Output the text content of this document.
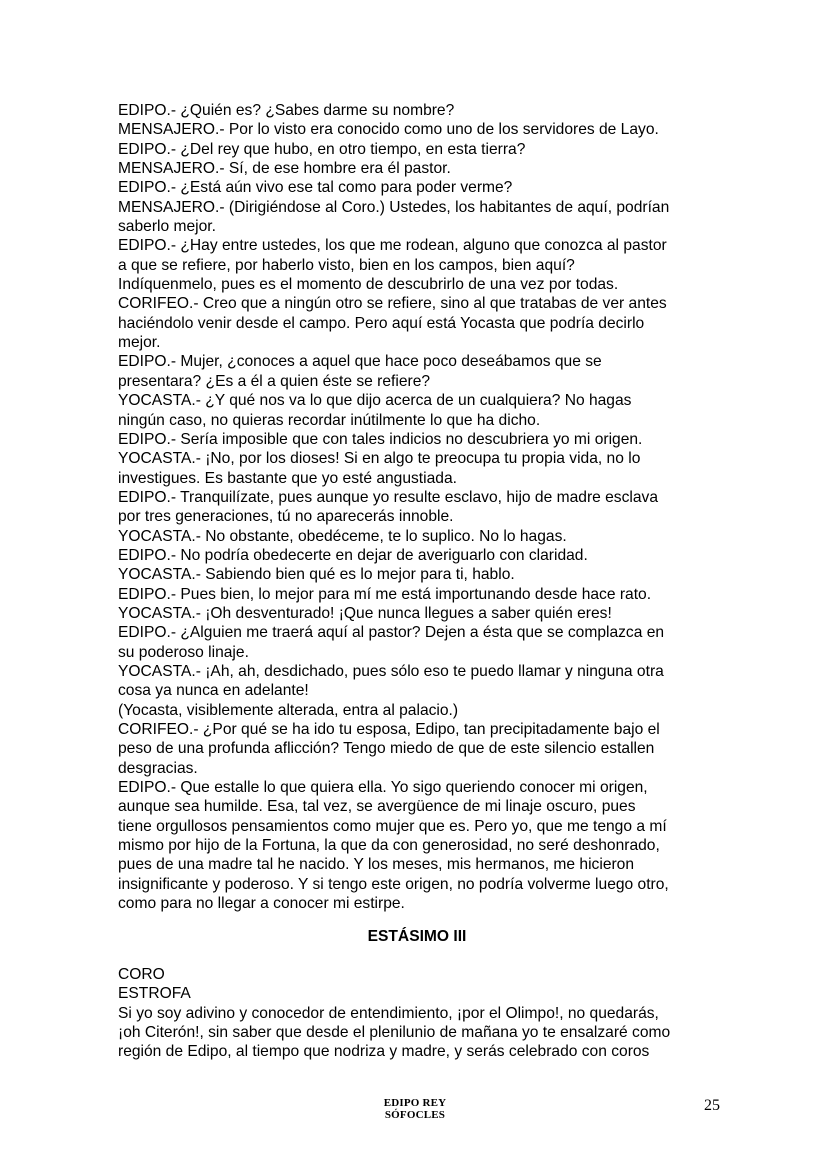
EDIPO.- ¿Quién es? ¿Sabes darme su nombre?

MENSAJERO.- Por lo visto era conocido como uno de los servidores de Layo.

EDIPO.- ¿Del rey que hubo, en otro tiempo, en esta tierra?

MENSAJERO.- Sí, de ese hombre era él pastor.

EDIPO.- ¿Está aún vivo ese tal como para poder verme?

MENSAJERO.- (Dirigiéndose al Coro.) Ustedes, los habitantes de aquí, podrían

saberlo mejor.

EDIPO.- ¿Hay entre ustedes, los que me rodean, alguno que conozca al pastor

a que se refiere, por haberlo visto, bien en los campos, bien aquí?

Indíquenmelo, pues es el momento de descubrirlo de una vez por todas.

CORIFEO.- Creo que a ningún otro se refiere, sino al que tratabas de ver antes

haciéndolo venir desde el campo. Pero aquí está Yocasta que podría decirlo

mejor.

EDIPO.- Mujer, ¿conoces a aquel que hace poco deseábamos que se

presentara? ¿Es a él a quien éste se refiere?

YOCASTA.- ¿Y qué nos va lo que dijo acerca de un cualquiera? No hagas

ningún caso, no quieras recordar inútilmente lo que ha dicho.

EDIPO.- Sería imposible que con tales indicios no descubriera yo mi origen.

YOCASTA.- ¡No, por los dioses! Si en algo te preocupa tu propia vida, no lo

investigues. Es bastante que yo esté angustiada.

EDIPO.- Tranquilízate, pues aunque yo resulte esclavo, hijo de madre esclava

por tres generaciones, tú no aparecerás innoble.

YOCASTA.- No obstante, obedéceme, te lo suplico. No lo hagas.

EDIPO.- No podría obedecerte en dejar de averiguarlo con claridad.

YOCASTA.- Sabiendo bien qué es lo mejor para ti, hablo.

EDIPO.- Pues bien, lo mejor para mí me está importunando desde hace rato.

YOCASTA.- ¡Oh desventurado! ¡Que nunca llegues a saber quién eres!

EDIPO.- ¿Alguien me traerá aquí al pastor? Dejen a ésta que se complazca en

su poderoso linaje.

YOCASTA.- ¡Ah, ah, desdichado, pues sólo eso te puedo llamar y ninguna otra

cosa ya nunca en adelante!

(Yocasta, visiblemente alterada, entra al palacio.)

CORIFEO.- ¿Por qué se ha ido tu esposa, Edipo, tan precipitadamente bajo el

peso de una profunda aflicción? Tengo miedo de que de este silencio estallen

desgracias.

EDIPO.- Que estalle lo que quiera ella. Yo sigo queriendo conocer mi origen,

aunque sea humilde. Esa, tal vez, se avergüence de mi linaje oscuro, pues

tiene orgullosos pensamientos como mujer que es. Pero yo, que me tengo a mí

mismo por hijo de la Fortuna, la que da con generosidad, no seré deshonrado,

pues de una madre tal he nacido. Y los meses, mis hermanos, me hicieron

insignificante y poderoso. Y si tengo este origen, no podría volverme luego otro,

como para no llegar a conocer mi estirpe.

ESTÁSIMO III

CORO

ESTROFA

Si yo soy adivino y conocedor de entendimiento, ¡por el Olimpo!, no quedarás,

¡oh Citerón!, sin saber que desde el plenilunio de mañana yo te ensalzaré como

región de Edipo, al tiempo que nodriza y madre, y serás celebrado con coros

EDIPO REY
SÓFOCLES
25
